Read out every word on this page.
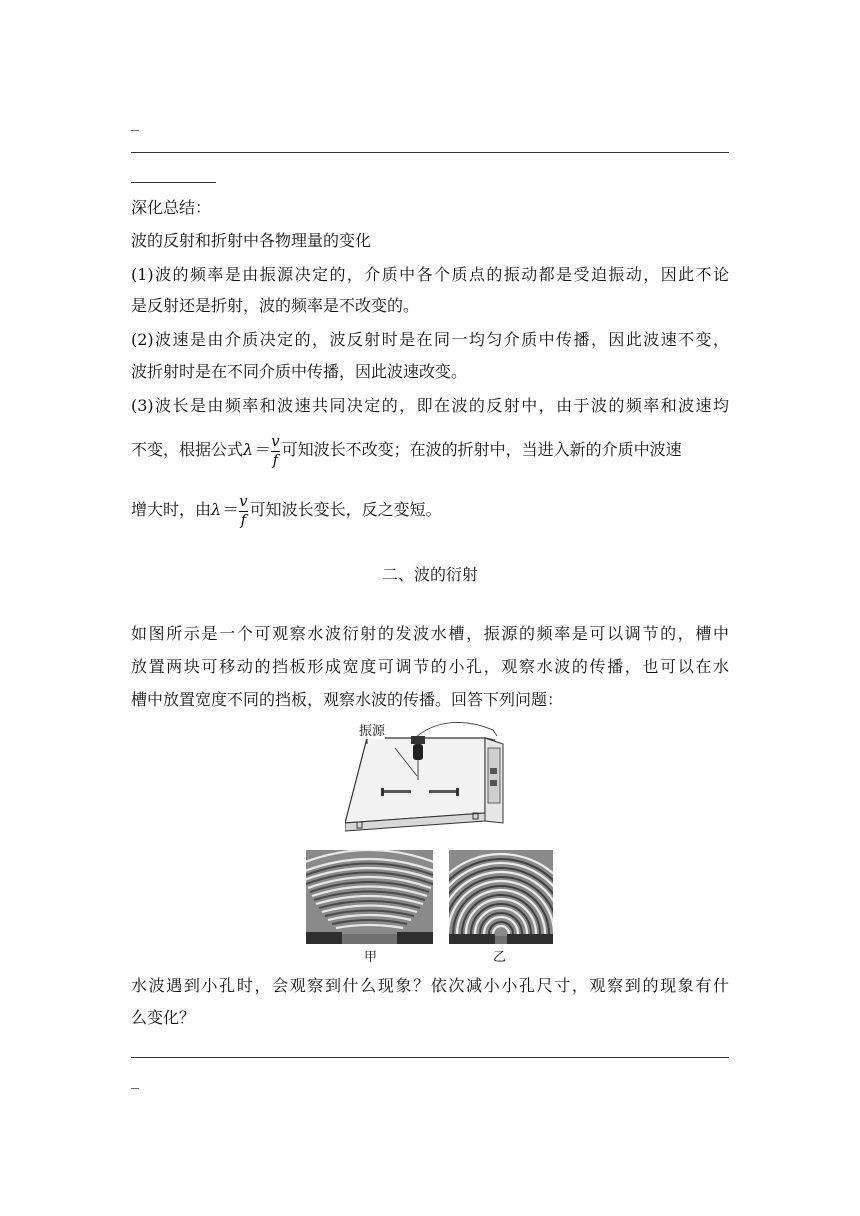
_
深化总结：
波的反射和折射中各物理量的变化
(1)波的频率是由振源决定的，介质中各个质点的振动都是受迫振动，因此不论
是反射还是折射，波的频率是不改变的。
(2)波速是由介质决定的，波反射时是在同一均匀介质中传播，因此波速不变，
波折射时是在不同介质中传播，因此波速改变。
(3)波长是由频率和波速共同决定的，即在波的反射中，由于波的频率和波速均
不变，根据公式$\lambda= \frac{v}{f}$ 可知波长不改变；在波的折射中，当进入新的介质中波速
增大时，由$\lambda= \frac{v}{f}$ 可知波长变长，反之变短。
二、波的衍射
如图所示是一个可观察水波衍射的发波水槽，振源的频率是可以调节的，槽中
放置两块可移动的挡板形成宽度可调节的小孔，观察水波的传播，也可以在水
槽中放置宽度不同的挡板，观察水波的传播。回答下列问题：
振源
甲	乙
水波遇到小孔时，会观察到什么现象？依次减小小孔尺寸，观察到的现象有什
么变化？
_
